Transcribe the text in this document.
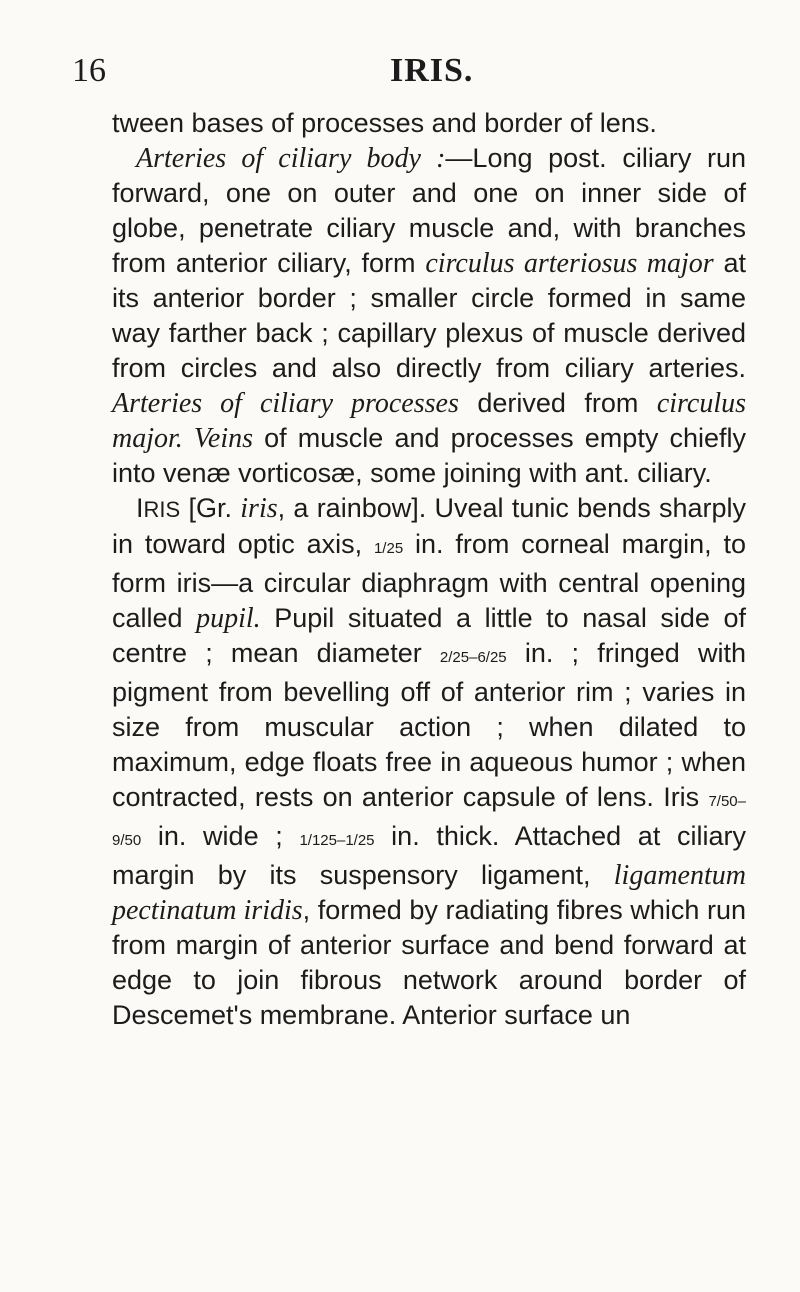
16	IRIS.

tween bases of processes and border of lens.

Arteries of ciliary body :—Long post. ciliary run forward, one on outer and one on inner side of globe, penetrate ciliary muscle and, with branches from anterior ciliary, form circulus arteriosus major at its anterior border ; smaller circle formed in same way farther back ; capillary plexus of muscle derived from circles and also directly from ciliary arteries. Arteries of ciliary processes derived from circulus major. Veins of muscle and processes empty chiefly into venæ vorticosæ, some joining with ant. ciliary.

IRIS [Gr. iris, a rainbow]. Uveal tunic bends sharply in toward optic axis, 1/25 in. from corneal margin, to form iris—a circular diaphragm with central opening called pupil. Pupil situated a little to nasal side of centre ; mean diameter 2/25–6/25 in. ; fringed with pigment from bevelling off of anterior rim ; varies in size from muscular action ; when dilated to maximum, edge floats free in aqueous humor ; when contracted, rests on anterior capsule of lens. Iris 7/50–9/50 in. wide ; 1/125–1/25 in. thick. Attached at ciliary margin by its suspensory ligament, ligamentum pectinatum iridis, formed by radiating fibres which run from margin of anterior surface and bend forward at edge to join fibrous network around border of Descemet's membrane. Anterior surface un
